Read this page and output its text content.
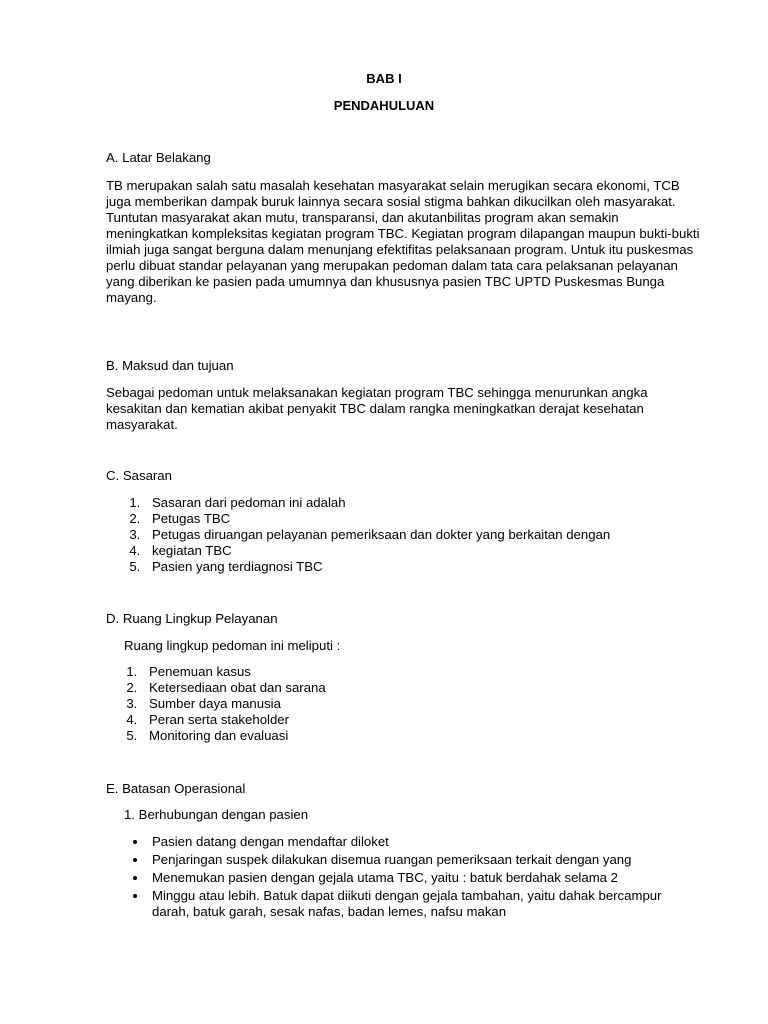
BAB I
PENDAHULUAN
A. Latar Belakang

TB merupakan salah satu masalah kesehatan masyarakat selain merugikan secara ekonomi, TCB juga memberikan dampak buruk lainnya secara sosial stigma bahkan dikucilkan oleh masyarakat. Tuntutan masyarakat akan mutu, transparansi, dan akutanbilitas program akan semakin meningkatkan kompleksitas kegiatan program TBC. Kegiatan program dilapangan maupun bukti-bukti ilmiah juga sangat berguna dalam menunjang efektifitas pelaksanaan program. Untuk itu puskesmas perlu dibuat standar pelayanan yang merupakan pedoman dalam tata cara pelaksanan pelayanan yang diberikan ke pasien pada umumnya dan khususnya pasien TBC UPTD Puskesmas Bunga mayang.

B. Maksud dan tujuan

Sebagai pedoman untuk melaksanakan kegiatan program TBC sehingga menurunkan angka kesakitan dan kematian akibat penyakit TBC dalam rangka meningkatkan derajat kesehatan masyarakat.

C. Sasaran
1. Sasaran dari pedoman ini adalah
2. Petugas TBC
3. Petugas diruangan pelayanan pemeriksaan dan dokter yang berkaitan dengan
4. kegiatan TBC
5. Pasien yang terdiagnosi TBC
D. Ruang Lingkup Pelayanan
Ruang lingkup pedoman ini meliputi :
1. Penemuan kasus
2. Ketersediaan obat dan sarana
3. Sumber daya manusia
4. Peran serta stakeholder
5. Monitoring dan evaluasi
E. Batasan Operasional
1. Berhubungan dengan pasien
• Pasien datang dengan mendaftar diloket
• Penjaringan suspek dilakukan disemua ruangan pemeriksaan terkait dengan yang
• Menemukan pasien dengan gejala utama TBC, yaitu : batuk berdahak selama 2
• Minggu atau lebih. Batuk dapat diikuti dengan gejala tambahan, yaitu dahak bercampur darah, batuk garah, sesak nafas, badan lemes, nafsu makan
